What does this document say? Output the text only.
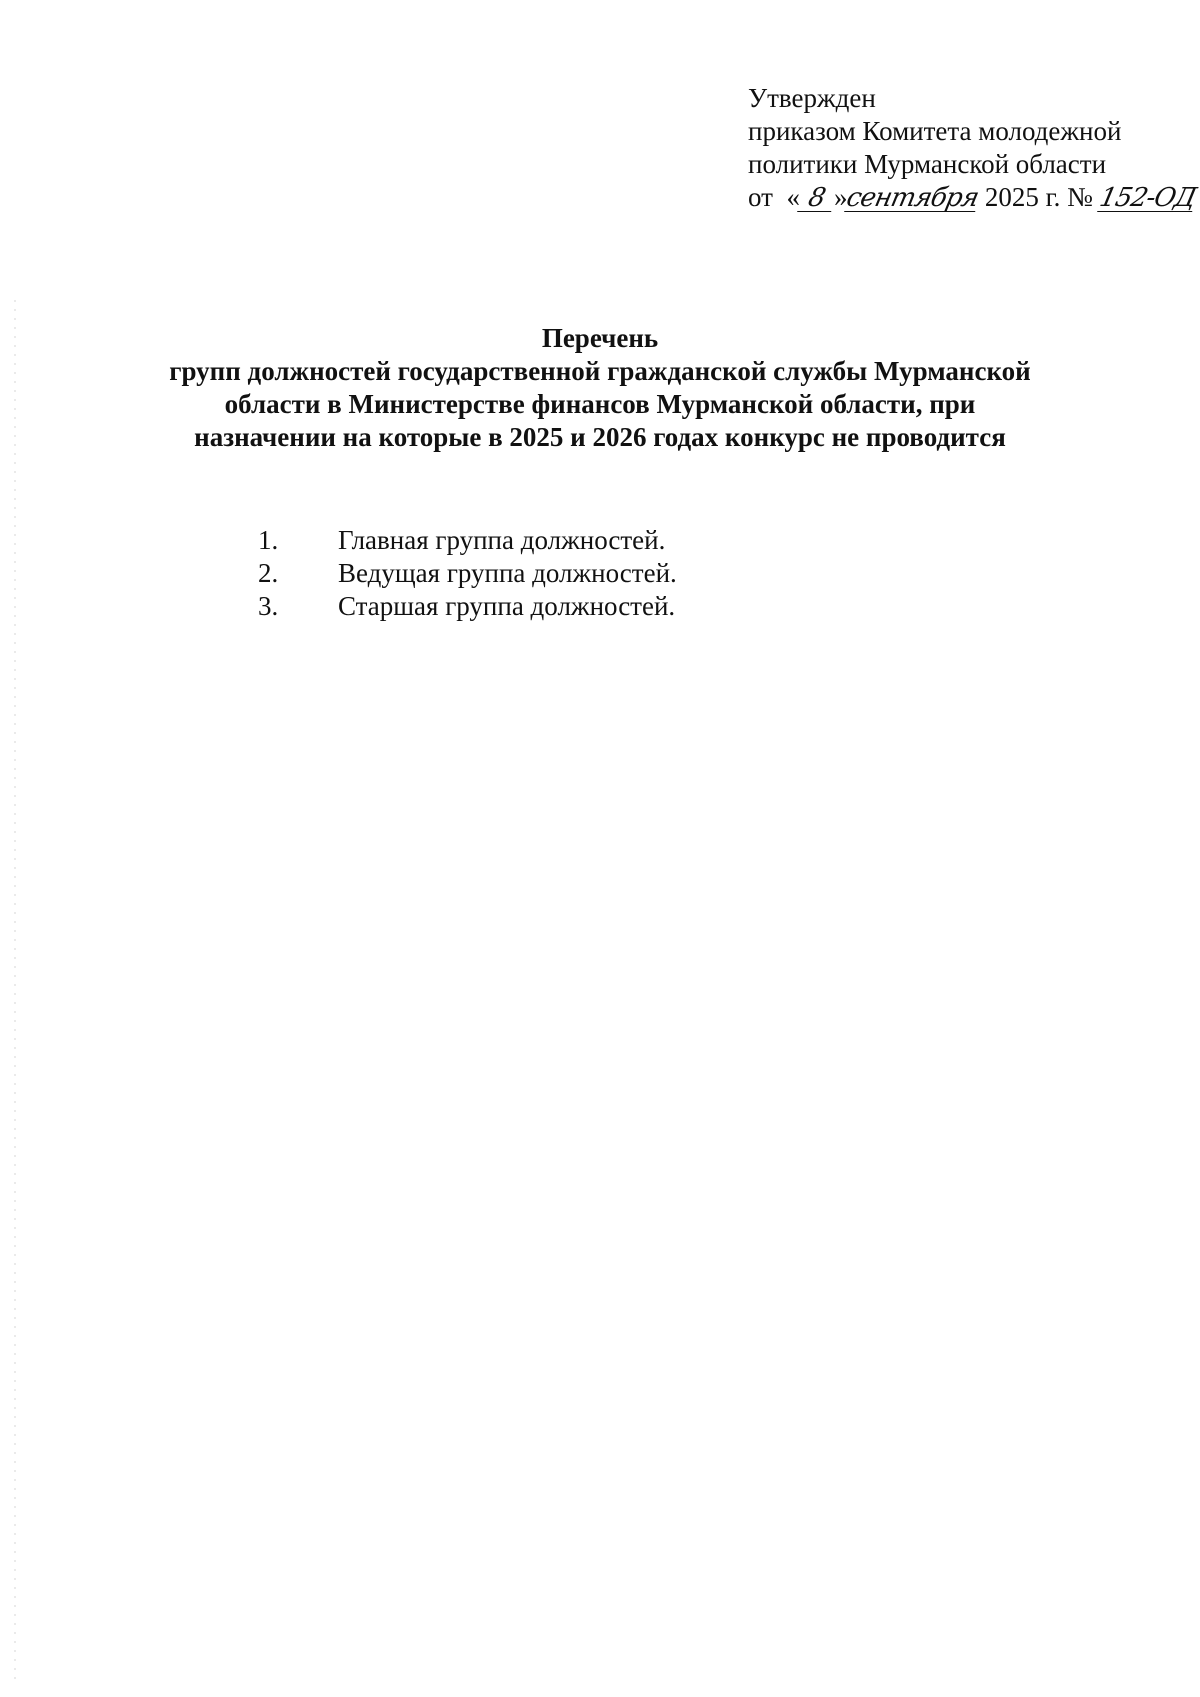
Утвержден
приказом Комитета молодежной
политики Мурманской области
от « 8 »сентября 2025 г. № 152-ОД
Перечень
групп должностей государственной гражданской службы Мурманской
области в Министерстве финансов Мурманской области, при
назначении на которые в 2025 и 2026 годах конкурс не проводится
1. Главная группа должностей.
2. Ведущая группа должностей.
3. Старшая группа должностей.
